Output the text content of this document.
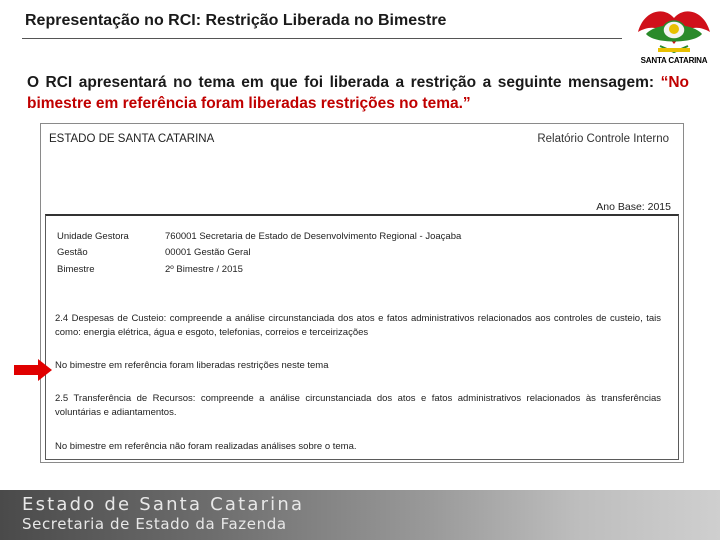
Representação no RCI: Restrição Liberada no Bimestre
SANTA CATARINA
O RCI apresentará no tema em que foi liberada a restrição a seguinte mensagem: “No bimestre em referência foram liberadas restrições no tema.”
ESTADO DE SANTA CATARINA	Relatório Controle Interno
Ano Base: 2015
Unidade Gestora	760001 Secretaria de Estado de Desenvolvimento Regional - Joaçaba
Gestão	00001 Gestão Geral
Bimestre	2º Bimestre / 2015
2.4 Despesas de Custeio: compreende a análise circunstanciada dos atos e fatos administrativos relacionados aos controles de custeio, tais como: energia elétrica, água e esgoto, telefonias, correios e terceirizações
No bimestre em referência foram liberadas restrições neste tema
2.5 Transferência de Recursos: compreende a análise circunstanciada dos atos e fatos administrativos relacionados às transferências voluntárias e adiantamentos.
No bimestre em referência não foram realizadas análises sobre o tema.
Estado de Santa Catarina
Secretaria de Estado da Fazenda
